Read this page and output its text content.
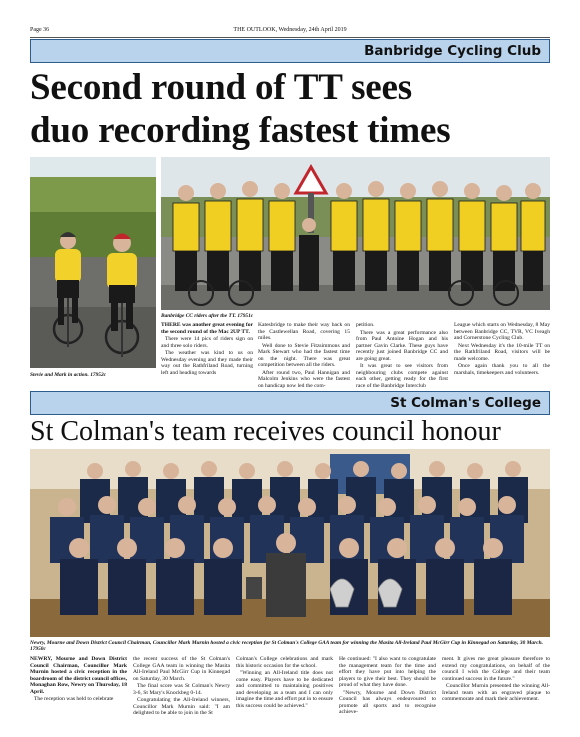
Page 36	THE OUTLOOK, Wednesday, 24th April 2019
Banbridge Cycling Club
Second round of TT sees
duo recording fastest times
Stevie and Mark in action. 17952c
Banbridge CC riders after the TT. 17951c

THERE was another great evening for the second round of the Mac 2UP TT.

There were 14 pics of riders sign on and three solo riders.

The weather was kind to us on Wednesday evening and they made their way out the Rathfriland Road, turning left and heading towards

Katesbridge to make their way back on the Castlewellan Road, covering 15 miles.

Well done to Stevie Fitzsimmons and Mark Stewart who had the fastest time on the night. There was great competition between all the riders.

After round two, Paul Hannigan and Malcolm Jenkins who were the fastest on handicap now led the com-

petition.

There was a great performance also from Paul Antoine Hogan and his partner Gavin Clarke. These guys have recently just joined Banbridge CC and are going great.

It was great to see visitors from neighbouring clubs compete against each other, getting ready for the first race of the Banbridge Interclub

League which starts on Wednesday, 8 May between Banbridge CC, TVR, VC Iveagh and Cornerstone Cycling Club.

Next Wednesday it's the 10-mile TT on the Rathfriland Road, visitors will be made welcome.

Once again thank you to all the marshals, timekeepers and volunteers.

St Colman's College
St Colman's team receives council honour
Newry, Mourne and Down District Council Chairman, Councillor Mark Murnin hosted a civic reception for St Colman's College GAA team for winning the Masita All-Ireland Paul McGirr Cup in Kinnegad on Saturday, 30 March. 17950c

NEWRY, Mourne and Down District Council Chairman, Councillor Mark Murnin hosted a civic reception in the boardroom of the district council offices, Monaghan Row, Newry on Thursday, 18 April.

The reception was held to celebrate

the recent success of the St Colman's College GAA team in winning the Masita All-Ireland Paul McGirr Cup in Kinnegad on Saturday, 30 March.

The final score was St Colman's Newry 3-6, St Mary's Knockbeg 0-14.

Congratulating the All-Ireland winners, Councillor Mark Murnin said: "I am delighted to be able to join in the St

Colman's College celebrations and mark this historic occasion for the school.

"Winning an All-Ireland title does not come easy. Players have to be dedicated and committed to maintaining positives and developing as a team and I can only imagine the time and effort put in to ensure this success could be achieved."

He continued: "I also want to congratulate the management team for the time and effort they have put into helping the players to give their best. They should be proud of what they have done.

"Newry, Mourne and Down District Council has always endeavoured to promote all sports and to recognise achieve-

ment. It gives me great pleasure therefore to extend my congratulations, on behalf of the council I wish the College and their team continued success in the future."

Councillor Murnin presented the winning All-Ireland team with an engraved plaque to commemorate and mark their achievement.
